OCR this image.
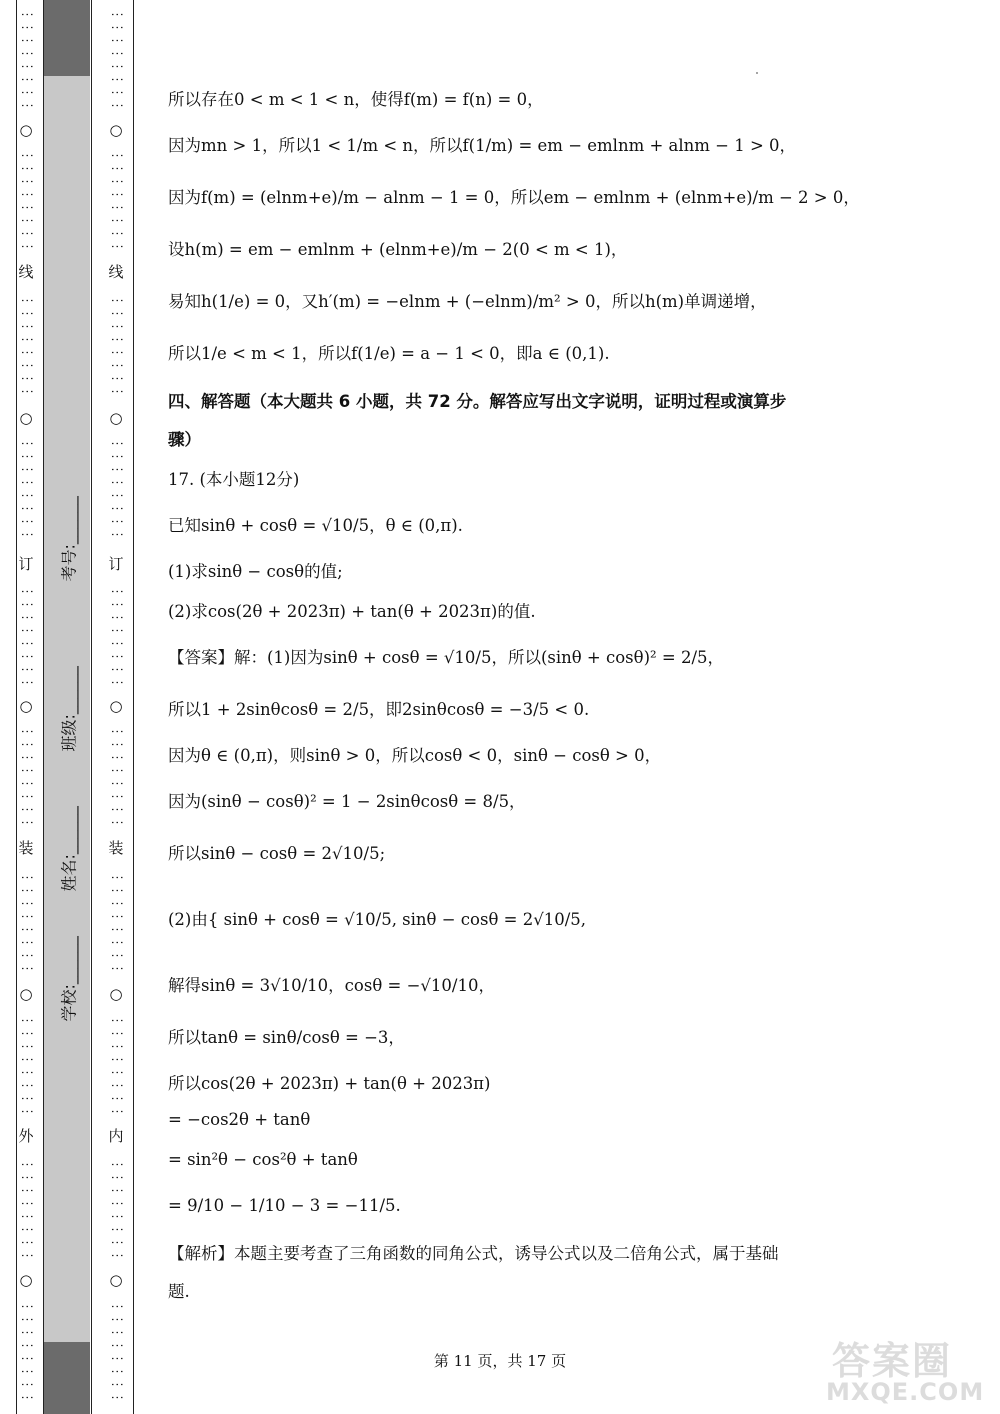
⋮⋮⋮⋮⋮⋮⋮⋮
○
⋮⋮⋮⋮⋮⋮⋮⋮
线
⋮⋮⋮⋮⋮⋮⋮⋮
○
⋮⋮⋮⋮⋮⋮⋮⋮
订
⋮⋮⋮⋮⋮⋮⋮⋮
○
⋮⋮⋮⋮⋮⋮⋮⋮
装
⋮⋮⋮⋮⋮⋮⋮⋮
○
⋮⋮⋮⋮⋮⋮⋮⋮
外
⋮⋮⋮⋮⋮⋮⋮⋮
○
⋮⋮⋮⋮⋮⋮⋮⋮
⋮⋮⋮⋮⋮⋮⋮⋮
○
⋮⋮⋮⋮⋮⋮⋮⋮
线
⋮⋮⋮⋮⋮⋮⋮⋮
○
⋮⋮⋮⋮⋮⋮⋮⋮
订
⋮⋮⋮⋮⋮⋮⋮⋮
○
⋮⋮⋮⋮⋮⋮⋮⋮
装
⋮⋮⋮⋮⋮⋮⋮⋮
○
⋮⋮⋮⋮⋮⋮⋮⋮
内
⋮⋮⋮⋮⋮⋮⋮⋮
○
⋮⋮⋮⋮⋮⋮⋮⋮
考号:______
班级:______
姓名:______
学校:______
所以存在0 < m < 1 < n，使得f(m) = f(n) = 0，
因为mn > 1，所以1 < 1/m < n，所以f(1/m) = em − emlnm + alnm − 1 > 0，
因为f(m) = (elnm+e)/m − alnm − 1 = 0，所以em − emlnm + (elnm+e)/m − 2 > 0，
设h(m) = em − emlnm + (elnm+e)/m − 2(0 < m < 1)，
易知h(1/e) = 0，又h′(m) = −elnm + (−elnm)/m² > 0，所以h(m)单调递增，
所以1/e < m < 1，所以f(1/e) = a − 1 < 0，即a ∈ (0,1).
四、解答题（本大题共 6 小题，共 72 分。解答应写出文字说明，证明过程或演算步
骤）
17. (本小题12分)
已知sinθ + cosθ = √10/5，θ ∈ (0,π).
(1)求sinθ − cosθ的值;
(2)求cos(2θ + 2023π) + tan(θ + 2023π)的值.
【答案】解：(1)因为sinθ + cosθ = √10/5，所以(sinθ + cosθ)² = 2/5，
所以1 + 2sinθcosθ = 2/5，即2sinθcosθ = −3/5 < 0.
因为θ ∈ (0,π)，则sinθ > 0，所以cosθ < 0，sinθ − cosθ > 0，
因为(sinθ − cosθ)² = 1 − 2sinθcosθ = 8/5，
所以sinθ − cosθ = 2√10/5;
(2)由{ sinθ + cosθ = √10/5, sinθ − cosθ = 2√10/5,
解得sinθ = 3√10/10，cosθ = −√10/10，
所以tanθ = sinθ/cosθ = −3，
所以cos(2θ + 2023π) + tan(θ + 2023π)
= −cos2θ + tanθ
= sin²θ − cos²θ + tanθ
= 9/10 − 1/10 − 3 = −11/5.
【解析】本题主要考查了三角函数的同角公式，诱导公式以及二倍角公式，属于基础
题.
第 11 页，共 17 页	答案圈
MXQE.COM
